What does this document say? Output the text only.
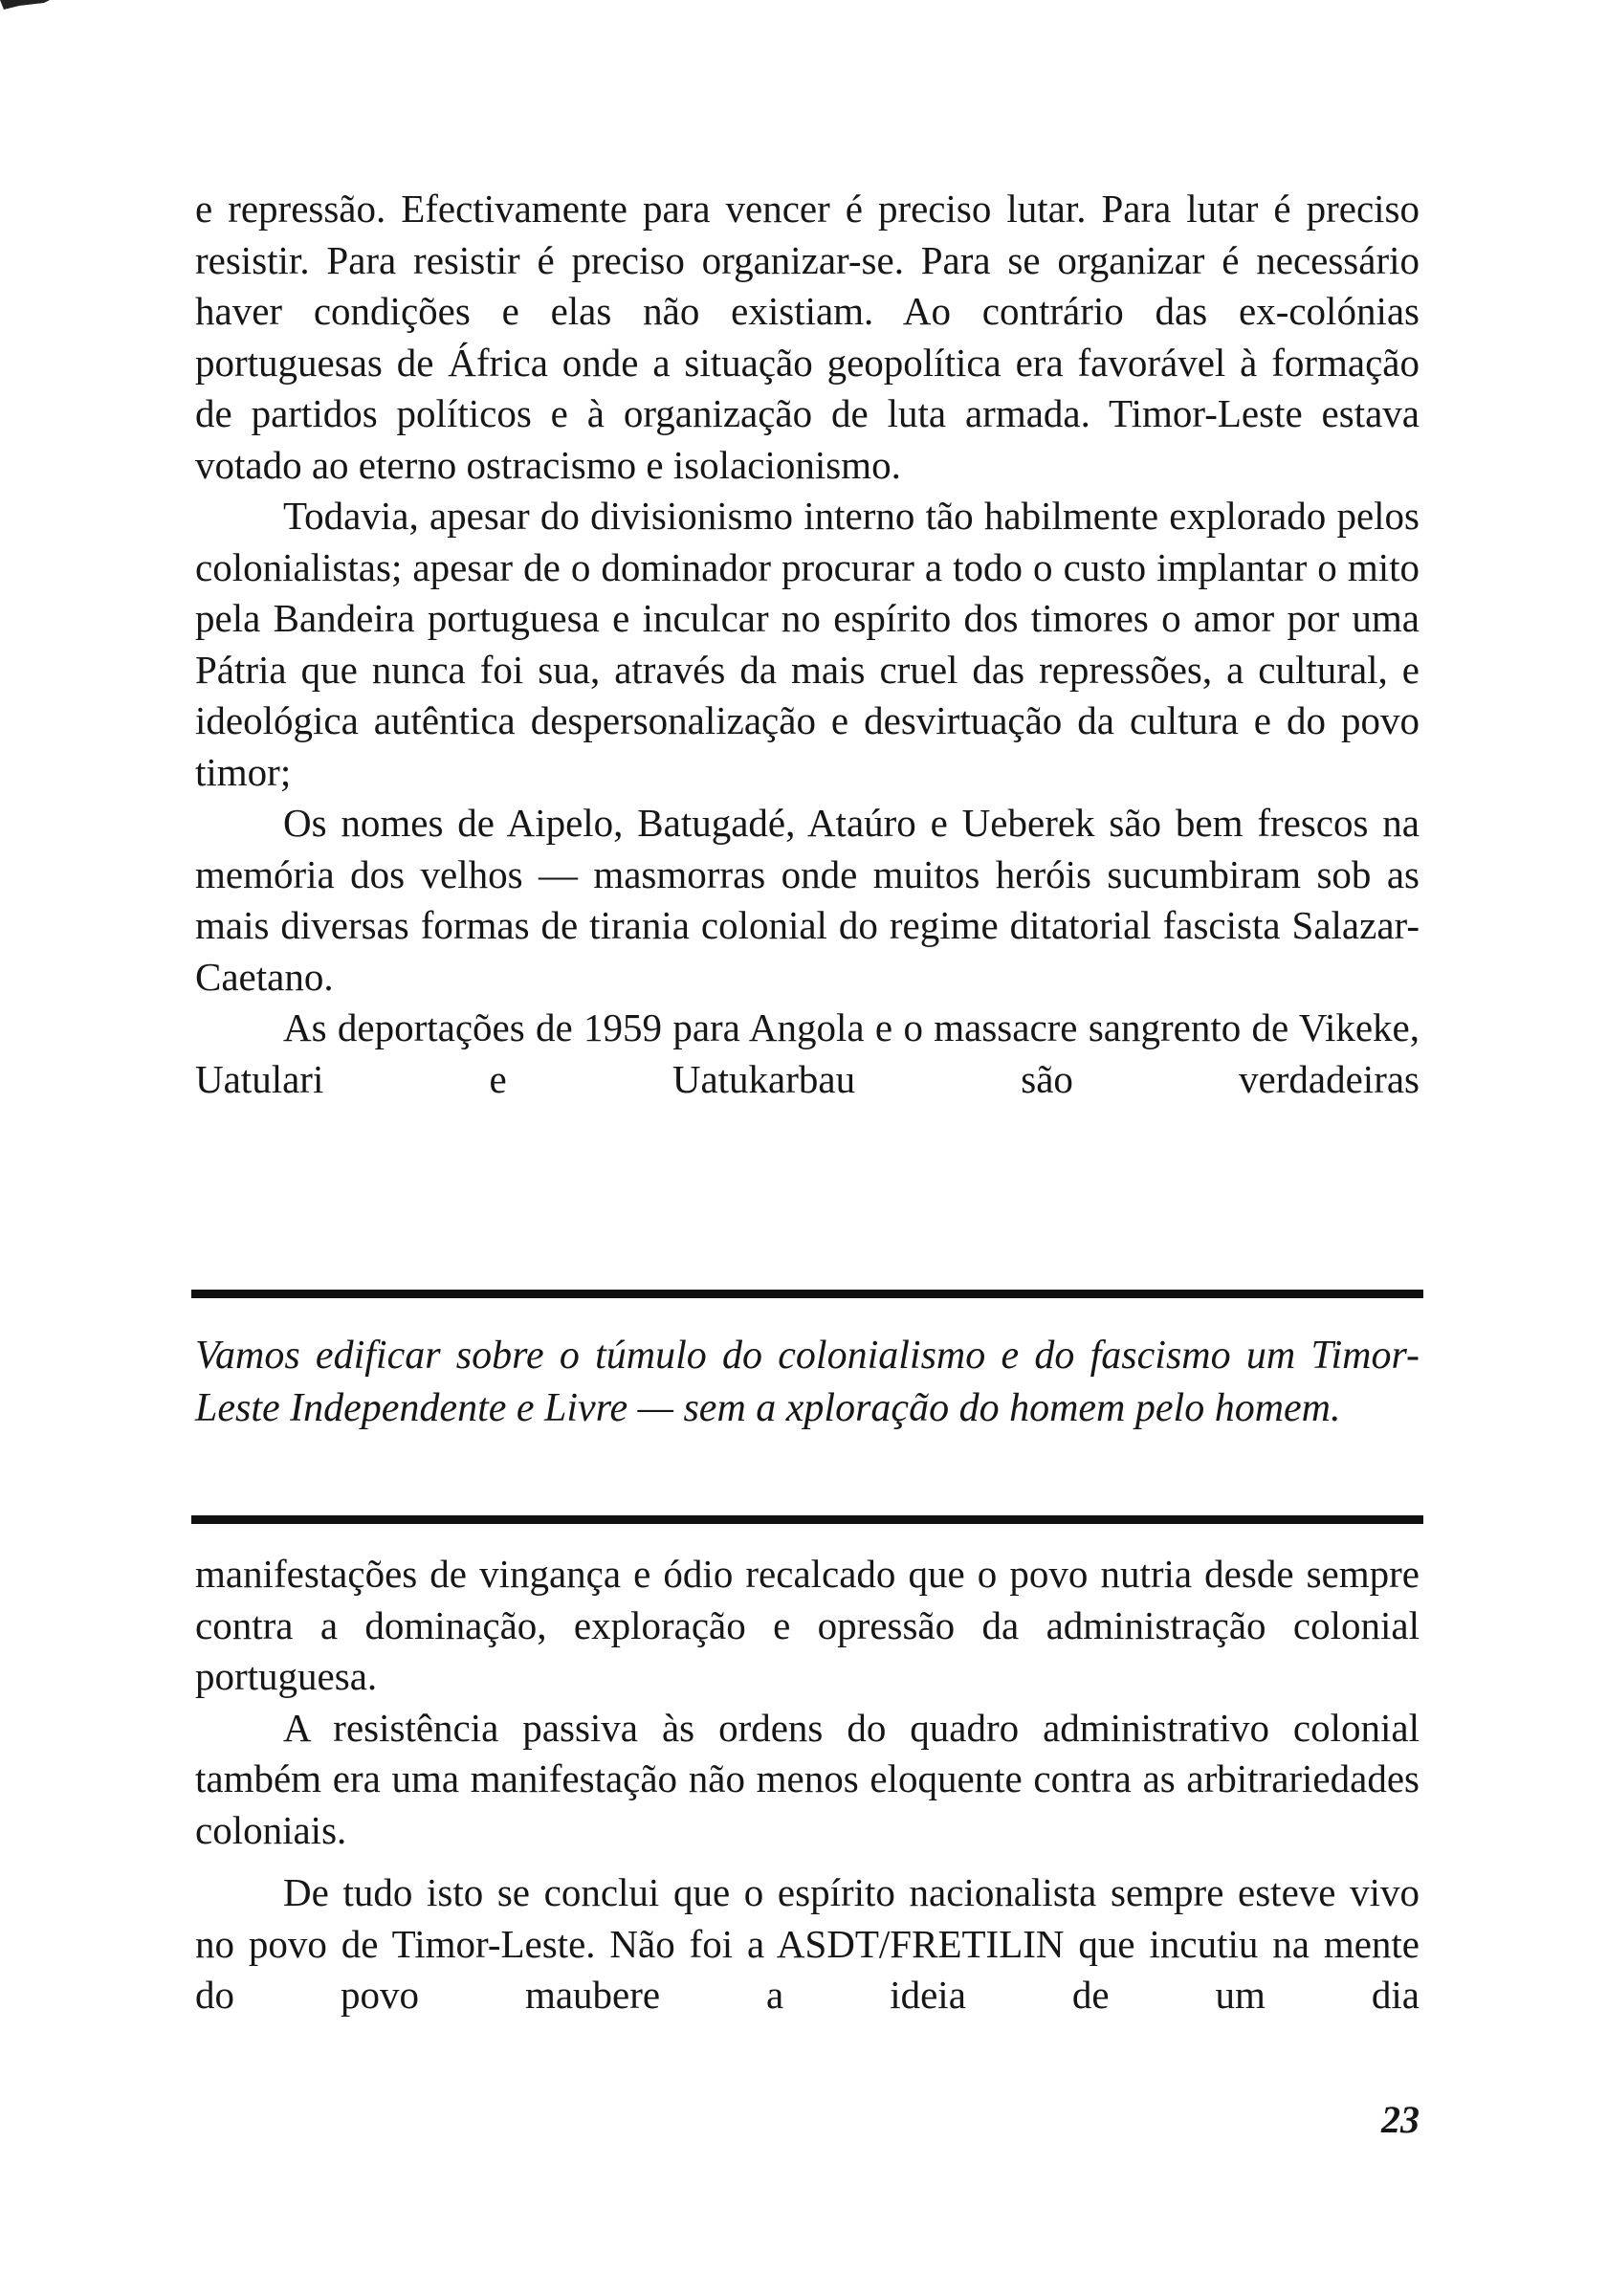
e repressão. Efectivamente para vencer é preciso lutar. Para lutar é preciso resistir. Para resistir é preciso organizar-se. Para se organizar é necessário haver condições e elas não existiam. Ao contrário das ex-colónias portuguesas de África onde a situação geopolítica era favorável à formação de partidos políticos e à organização de luta armada. Timor-Leste estava votado ao eterno ostracismo e isolacionismo.

Todavia, apesar do divisionismo interno tão habilmente explorado pelos colonialistas; apesar de o dominador procurar a todo o custo implantar o mito pela Bandeira portuguesa e inculcar no espírito dos timores o amor por uma Pátria que nunca foi sua, através da mais cruel das repressões, a cultural, e ideológica autêntica despersonalização e desvirtuação da cultura e do povo timor;

Os nomes de Aipelo, Batugadé, Ataúro e Ueberek são bem frescos na memória dos velhos — masmorras onde muitos heróis sucumbiram sob as mais diversas formas de tirania colonial do regime ditatorial fascista Salazar-Caetano.

As deportações de 1959 para Angola e o massacre sangrento de Vikeke, Uatulari e Uatukarbau são verdadeiras

Vamos edificar sobre o túmulo do colonialismo e do fascismo um Timor-Leste Independente e Livre — sem a xploração do homem pelo homem.

manifestações de vingança e ódio recalcado que o povo nutria desde sempre contra a dominação, exploração e opressão da administração colonial portuguesa.

A resistência passiva às ordens do quadro administrativo colonial também era uma manifestação não menos eloquente contra as arbitrariedades coloniais.

De tudo isto se conclui que o espírito nacionalista sempre esteve vivo no povo de Timor-Leste. Não foi a ASDT/FRETILIN que incutiu na mente do povo maubere a ideia de um dia

23
